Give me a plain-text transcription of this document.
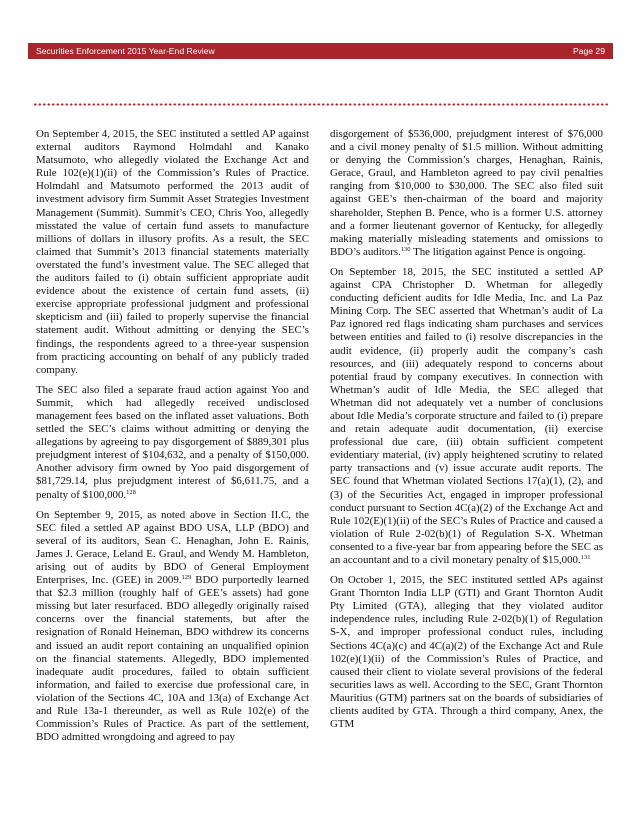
Securities Enforcement 2015 Year-End Review	Page 29

On September 4, 2015, the SEC instituted a settled AP against external auditors Raymond Holmdahl and Kanako Matsumoto, who allegedly violated the Exchange Act and Rule 102(e)(1)(ii) of the Commission’s Rules of Practice. Holmdahl and Matsumoto performed the 2013 audit of investment advisory firm Summit Asset Strategies Investment Management (Summit). Summit’s CEO, Chris Yoo, allegedly misstated the value of certain fund assets to manufacture millions of dollars in illusory profits. As a result, the SEC claimed that Summit’s 2013 financial statements materially overstated the fund’s investment value. The SEC alleged that the auditors failed to (i) obtain sufficient appropriate audit evidence about the existence of certain fund assets, (ii) exercise appropriate professional judgment and professional skepticism and (iii) failed to properly supervise the financial statement audit. Without admitting or denying the SEC’s findings, the respondents agreed to a three-year suspension from practicing accounting on behalf of any publicly traded company.

The SEC also filed a separate fraud action against Yoo and Summit, which had allegedly received undisclosed management fees based on the inflated asset valuations. Both settled the SEC’s claims without admitting or denying the allegations by agreeing to pay disgorgement of $889,301 plus prejudgment interest of $104,632, and a penalty of $150,000. Another advisory firm owned by Yoo paid disgorgement of $81,729.14, plus prejudgment interest of $6,611.75, and a penalty of $100,000.$^{128}$

On September 9, 2015, as noted above in Section II.C, the SEC filed a settled AP against BDO USA, LLP (BDO) and several of its auditors, Sean C. Henaghan, John E. Rainis, James J. Gerace, Leland E. Graul, and Wendy M. Hambleton, arising out of audits by BDO of General Employment Enterprises, Inc. (GEE) in 2009.$^{129}$ BDO purportedly learned that $2.3 million (roughly half of GEE’s assets) had gone missing but later resurfaced. BDO allegedly originally raised concerns over the financial statements, but after the resignation of Ronald Heineman, BDO withdrew its concerns and issued an audit report containing an unqualified opinion on the financial statements. Allegedly, BDO implemented inadequate audit procedures, failed to obtain sufficient information, and failed to exercise due professional care, in violation of the Sections 4C, 10A and 13(a) of Exchange Act and Rule 13a-1 thereunder, as well as Rule 102(e) of the Commission’s Rules of Practice. As part of the settlement, BDO admitted wrongdoing and agreed to pay

disgorgement of $536,000, prejudgment interest of $76,000 and a civil money penalty of $1.5 million. Without admitting or denying the Commission’s charges, Henaghan, Rainis, Gerace, Graul, and Hambleton agreed to pay civil penalties ranging from $10,000 to $30,000. The SEC also filed suit against GEE’s then-chairman of the board and majority shareholder, Stephen B. Pence, who is a former U.S. attorney and a former lieutenant governor of Kentucky, for allegedly making materially misleading statements and omissions to BDO’s auditors.$^{130}$ The litigation against Pence is ongoing.

On September 18, 2015, the SEC instituted a settled AP against CPA Christopher D. Whetman for allegedly conducting deficient audits for Idle Media, Inc. and La Paz Mining Corp. The SEC asserted that Whetman’s audit of La Paz ignored red flags indicating sham purchases and services between entities and failed to (i) resolve discrepancies in the audit evidence, (ii) properly audit the company’s cash resources, and (iii) adequately respond to concerns about potential fraud by company executives. In connection with Whetman’s audit of Idle Media, the SEC alleged that Whetman did not adequately vet a number of conclusions about Idle Media’s corporate structure and failed to (i) prepare and retain adequate audit documentation, (ii) exercise professional due care, (iii) obtain sufficient competent evidentiary material, (iv) apply heightened scrutiny to related party transactions and (v) issue accurate audit reports. The SEC found that Whetman violated Sections 17(a)(1), (2), and (3) of the Securities Act, engaged in improper professional conduct pursuant to Section 4C(a)(2) of the Exchange Act and Rule 102(E)(1)(ii) of the SEC’s Rules of Practice and caused a violation of Rule 2-02(b)(1) of Regulation S-X. Whetman consented to a five-year bar from appearing before the SEC as an accountant and to a civil monetary penalty of $15,000.$^{131}$

On October 1, 2015, the SEC instituted settled APs against Grant Thornton India LLP (GTI) and Grant Thornton Audit Pty Limited (GTA), alleging that they violated auditor independence rules, including Rule 2-02(b)(1) of Regulation S-X, and improper professional conduct rules, including Sections 4C(a)(c) and 4C(a)(2) of the Exchange Act and Rule 102(e)(1)(ii) of the Commission’s Rules of Practice, and caused their client to violate several provisions of the federal securities laws as well. According to the SEC, Grant Thornton Mauritius (GTM) partners sat on the boards of subsidiaries of clients audited by GTA. Through a third company, Anex, the GTM
